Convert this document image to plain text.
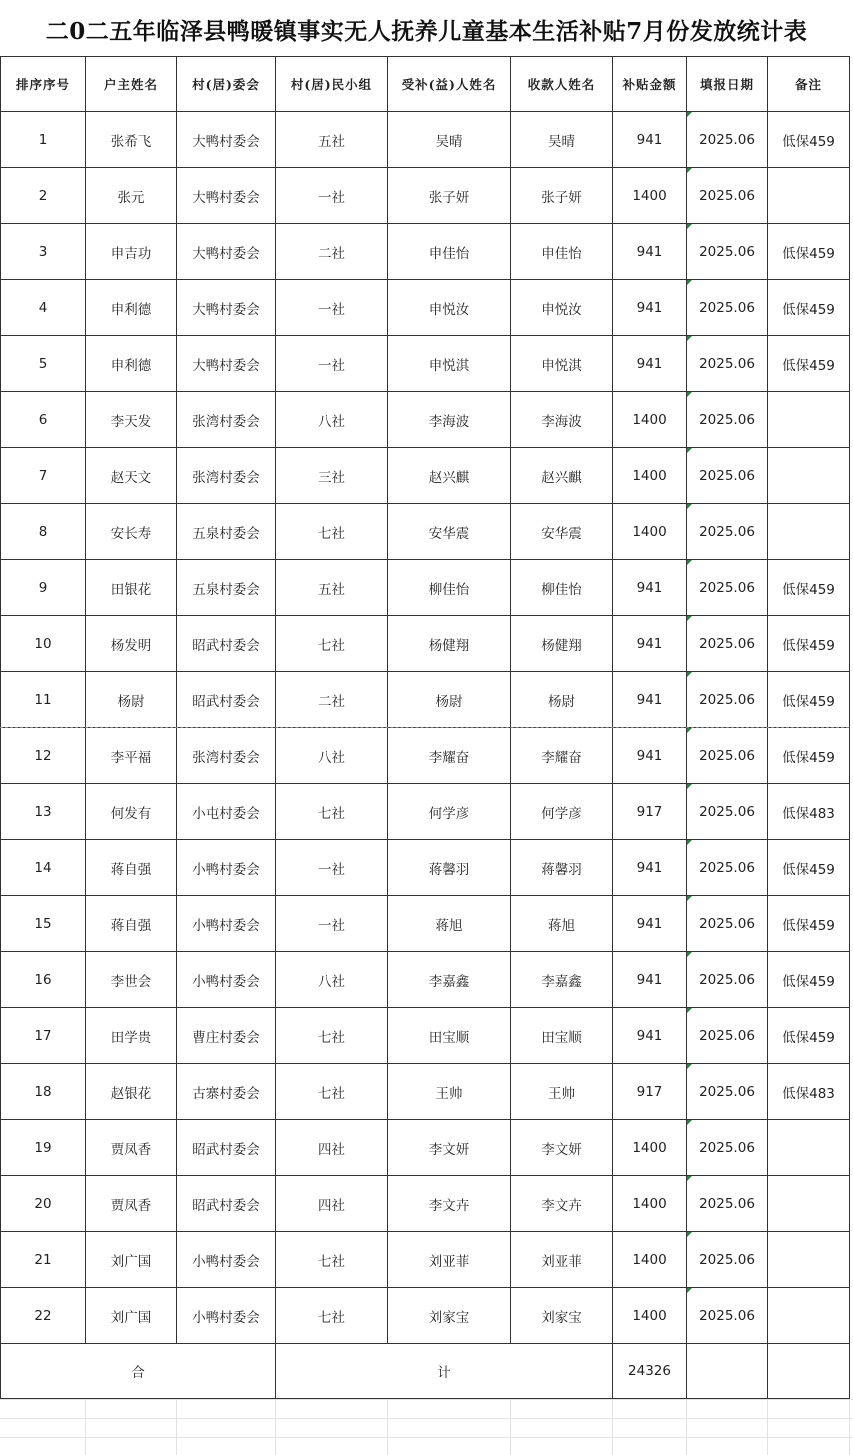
二0二五年临泽县鸭暖镇事实无人抚养儿童基本生活补贴7月份发放统计表
排序序号	户主姓名	村(居)委会	村(居)民小组	受补(益)人姓名	收款人姓名	补贴金额	填报日期	备注
1	张希飞	大鸭村委会	五社	吴晴	吴晴	941	2025.06	低保459
2	张元	大鸭村委会	一社	张子妍	张子妍	1400	2025.06	
3	申吉功	大鸭村委会	二社	申佳怡	申佳怡	941	2025.06	低保459
4	申利德	大鸭村委会	一社	申悦汝	申悦汝	941	2025.06	低保459
5	申利德	大鸭村委会	一社	申悦淇	申悦淇	941	2025.06	低保459
6	李天发	张湾村委会	八社	李海波	李海波	1400	2025.06	
7	赵天文	张湾村委会	三社	赵兴麒	赵兴麒	1400	2025.06	
8	安长寿	五泉村委会	七社	安华震	安华震	1400	2025.06	
9	田银花	五泉村委会	五社	柳佳怡	柳佳怡	941	2025.06	低保459
10	杨发明	昭武村委会	七社	杨健翔	杨健翔	941	2025.06	低保459
11	杨尉	昭武村委会	二社	杨尉	杨尉	941	2025.06	低保459
12	李平福	张湾村委会	八社	李耀奋	李耀奋	941	2025.06	低保459
13	何发有	小屯村委会	七社	何学彦	何学彦	917	2025.06	低保483
14	蒋自强	小鸭村委会	一社	蒋馨羽	蒋馨羽	941	2025.06	低保459
15	蒋自强	小鸭村委会	一社	蒋旭	蒋旭	941	2025.06	低保459
16	李世会	小鸭村委会	八社	李嘉鑫	李嘉鑫	941	2025.06	低保459
17	田学贵	曹庄村委会	七社	田宝顺	田宝顺	941	2025.06	低保459
18	赵银花	古寨村委会	七社	王帅	王帅	917	2025.06	低保483
19	贾凤香	昭武村委会	四社	李文妍	李文妍	1400	2025.06	
20	贾凤香	昭武村委会	四社	李文卉	李文卉	1400	2025.06	
21	刘广国	小鸭村委会	七社	刘亚菲	刘亚菲	1400	2025.06	
22	刘广国	小鸭村委会	七社	刘家宝	刘家宝	1400	2025.06	
合			计			24326		
